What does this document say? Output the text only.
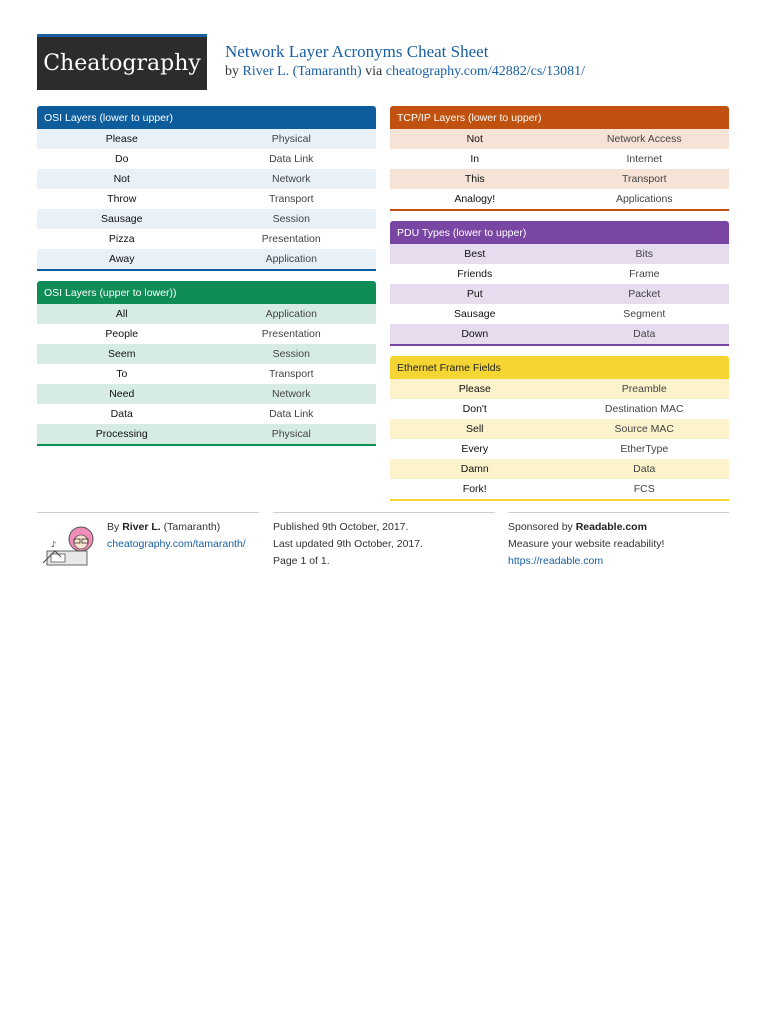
Cheatography	Network Layer Acronyms Cheat Sheet
by River L. (Tamaranth) via cheatography.com/42882/cs/13081/
OSI Layers (lower to upper)
Please	Physical
Do	Data Link
Not	Network
Throw	Transport
Sausage	Session
Pizza	Presentation
Away	Application
OSI Layers (upper to lower))
All	Application
People	Presentation
Seem	Session
To	Transport
Need	Network
Data	Data Link
Processing	Physical
TCP/IP Layers (lower to upper)
Not	Network Access
In	Internet
This	Transport
Analogy!	Applications
PDU Types (lower to upper)
Best	Bits
Friends	Frame
Put	Packet
Sausage	Segment
Down	Data
Ethernet Frame Fields
Please	Preamble
Don't	Destination MAC
Sell	Source MAC
Every	EtherType
Damn	Data
Fork!	FCS
♪
By River L. (Tamaranth)
cheatography.com/tamaranth/
Published 9th October, 2017.
Last updated 9th October, 2017.
Page 1 of 1.
Sponsored by Readable.com
Measure your website readability!
https://readable.com
